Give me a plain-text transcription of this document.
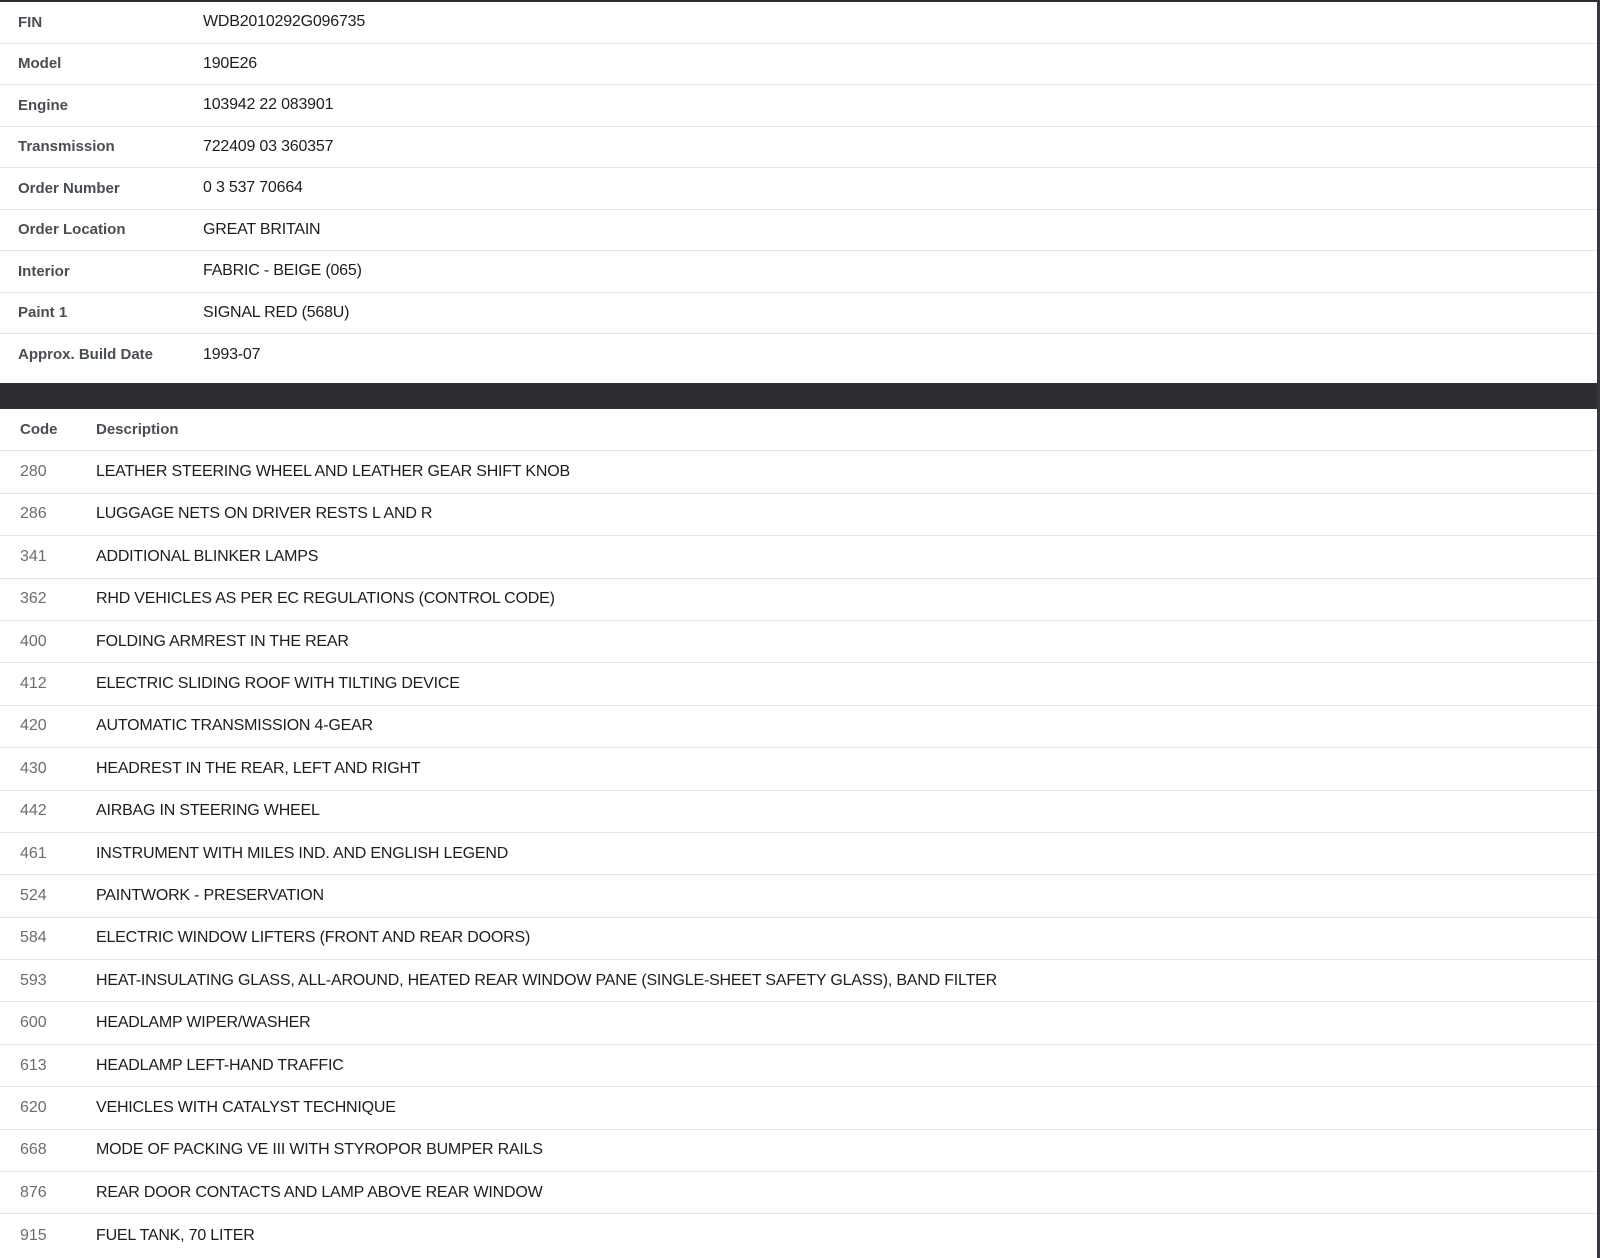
FIN	WDB2010292G096735
Model	190E26
Engine	103942 22 083901
Transmission	722409 03 360357
Order Number	0 3 537 70664
Order Location	GREAT BRITAIN
Interior	FABRIC - BEIGE (065)
Paint 1	SIGNAL RED (568U)
Approx. Build Date	1993-07
Code	Description
280	LEATHER STEERING WHEEL AND LEATHER GEAR SHIFT KNOB
286	LUGGAGE NETS ON DRIVER RESTS L AND R
341	ADDITIONAL BLINKER LAMPS
362	RHD VEHICLES AS PER EC REGULATIONS (CONTROL CODE)
400	FOLDING ARMREST IN THE REAR
412	ELECTRIC SLIDING ROOF WITH TILTING DEVICE
420	AUTOMATIC TRANSMISSION 4-GEAR
430	HEADREST IN THE REAR, LEFT AND RIGHT
442	AIRBAG IN STEERING WHEEL
461	INSTRUMENT WITH MILES IND. AND ENGLISH LEGEND
524	PAINTWORK - PRESERVATION
584	ELECTRIC WINDOW LIFTERS (FRONT AND REAR DOORS)
593	HEAT-INSULATING GLASS, ALL-AROUND, HEATED REAR WINDOW PANE (SINGLE-SHEET SAFETY GLASS), BAND FILTER
600	HEADLAMP WIPER/WASHER
613	HEADLAMP LEFT-HAND TRAFFIC
620	VEHICLES WITH CATALYST TECHNIQUE
668	MODE OF PACKING VE III WITH STYROPOR BUMPER RAILS
876	REAR DOOR CONTACTS AND LAMP ABOVE REAR WINDOW
915	FUEL TANK, 70 LITER
